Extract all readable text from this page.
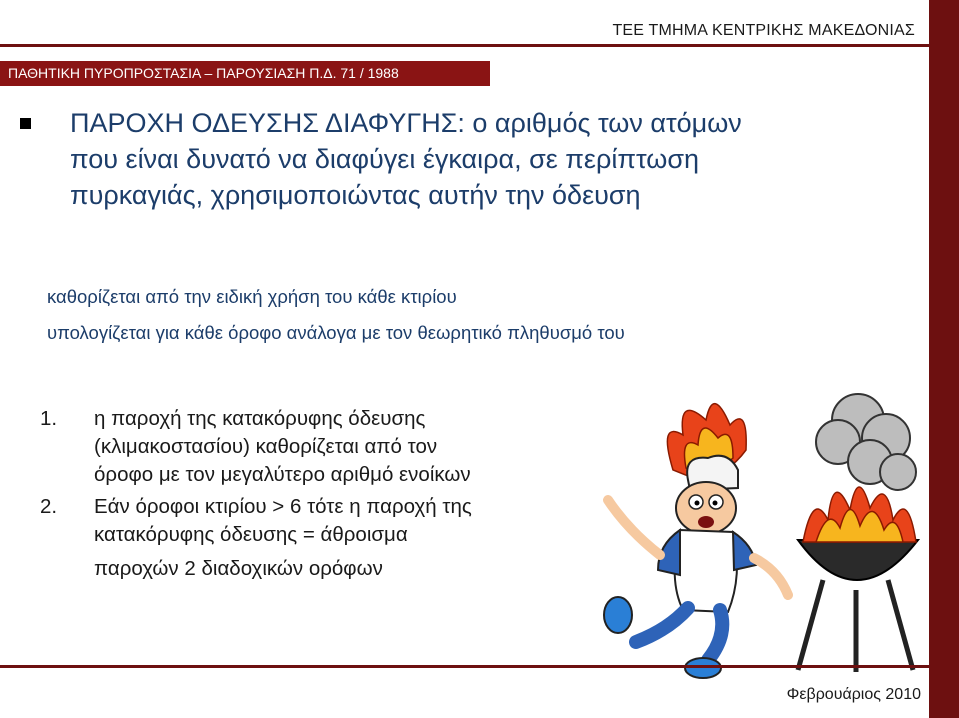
ΤΕΕ ΤΜΗΜΑ ΚΕΝΤΡΙΚΗΣ ΜΑΚΕΔΟΝΙΑΣ
ΠΑΘΗΤΙΚΗ ΠΥΡΟΠΡΟΣΤΑΣΙΑ – ΠΑΡΟΥΣΙΑΣΗ Π.Δ. 71 / 1988
ΠΑΡΟΧΗ ΟΔΕΥΣΗΣ ΔΙΑΦΥΓΗΣ: ο αριθμός των ατόμων
που είναι δυνατό να διαφύγει έγκαιρα, σε περίπτωση
πυρκαγιάς, χρησιμοποιώντας αυτήν την όδευση
καθορίζεται από την ειδική χρήση του κάθε κτιρίου
υπολογίζεται για κάθε όροφο ανάλογα με τον θεωρητικό πληθυσμό του
1. η παροχή της κατακόρυφης όδευσης
(κλιμακοστασίου) καθορίζεται από τον
όροφο με τον μεγαλύτερο αριθμό ενοίκων
2. Εάν όροφοι κτιρίου > 6 τότε η παροχή της
κατακόρυφης όδευσης = άθροισμα
παροχών 2 διαδοχικών ορόφων
Φεβρουάριος 2010
